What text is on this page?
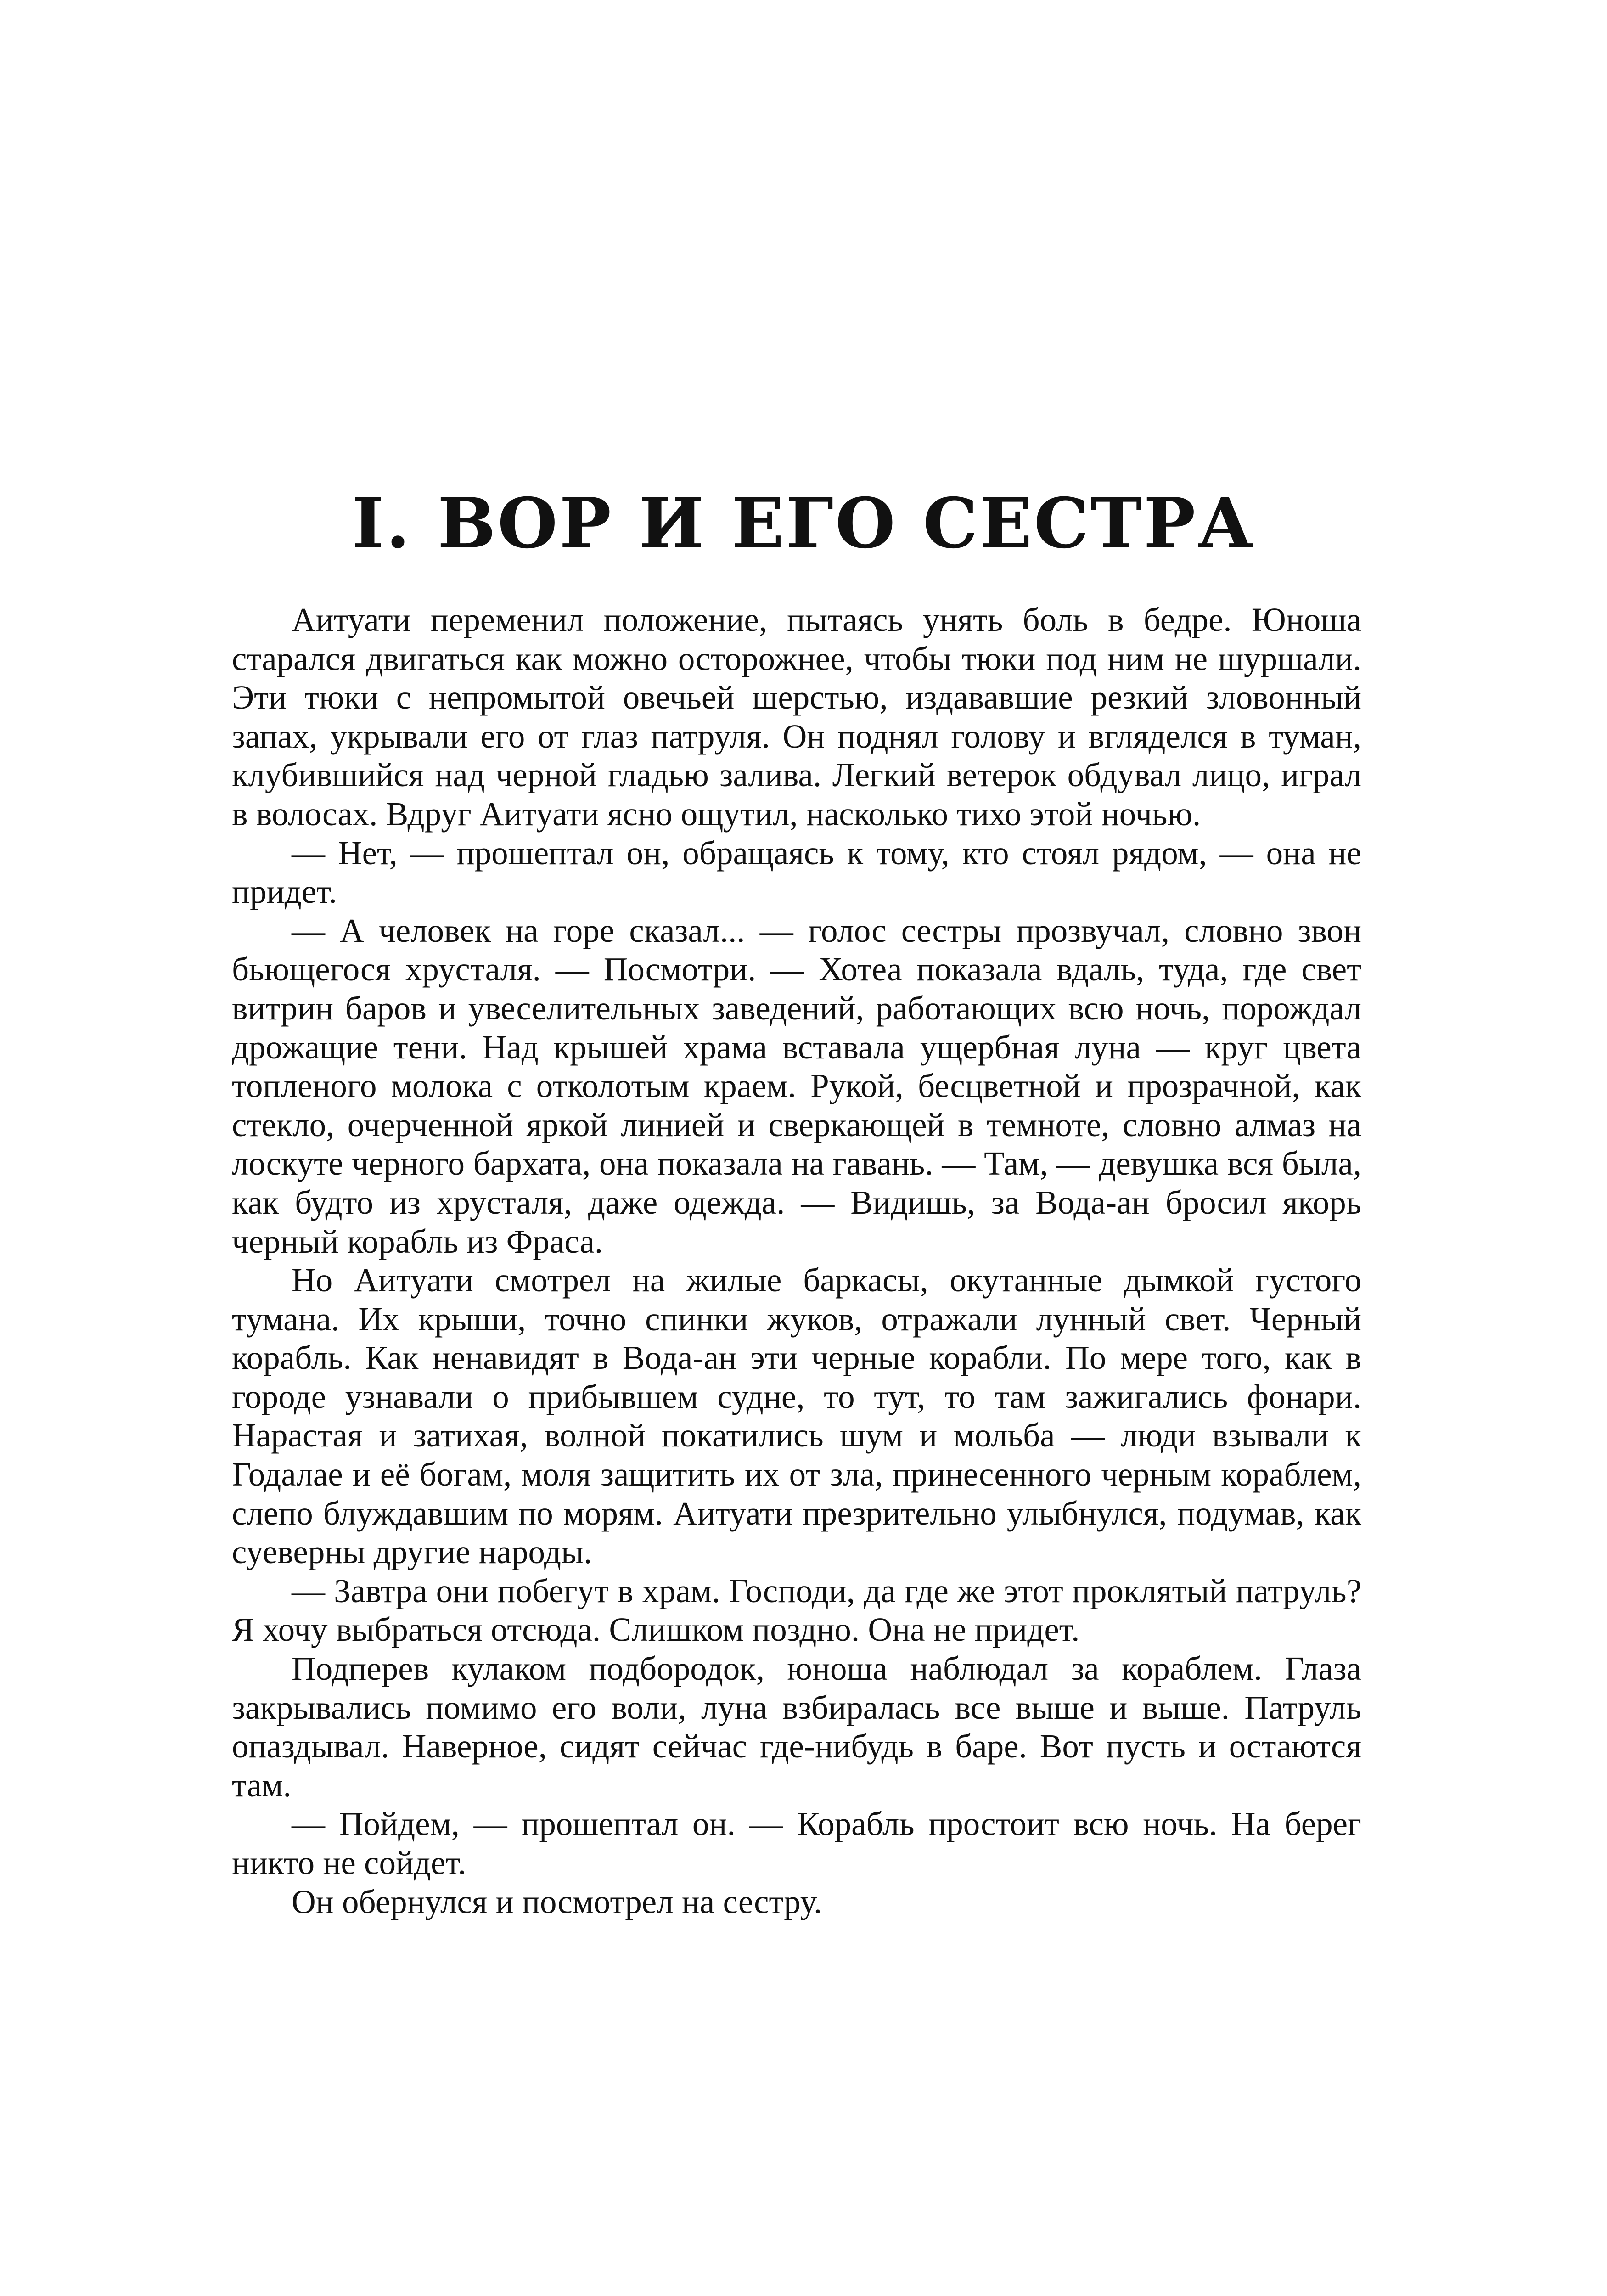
I. ВОР И ЕГО СЕСТРА

Аитуати переменил положение, пытаясь унять боль в бедре. Юноша старался двигаться как можно осторожнее, чтобы тюки под ним не шуршали. Эти тюки с непромытой овечьей шерстью, издававшие резкий зловонный запах, укрывали его от глаз патруля. Он поднял голову и вгляделся в туман, клубившийся над черной гладью залива. Легкий ветерок обдувал лицо, играл в волосах. Вдруг Аитуати ясно ощутил, насколько тихо этой ночью.

— Нет, — прошептал он, обращаясь к тому, кто стоял рядом, — она не придет.

— А человек на горе сказал... — голос сестры прозвучал, словно звон бьющегося хрусталя. — Посмотри. — Хотеа показала вдаль, туда, где свет витрин баров и увеселительных заведений, работающих всю ночь, порождал дрожащие тени. Над крышей храма вставала ущербная луна — круг цвета топленого молока с отколотым краем. Рукой, бесцветной и прозрачной, как стекло, очерченной яркой линией и сверкающей в темноте, словно алмаз на лоскуте черного бархата, она показала на гавань. — Там, — девушка вся была, как будто из хрусталя, даже одежда. — Видишь, за Вода-ан бросил якорь черный корабль из Фраса.

Но Аитуати смотрел на жилые баркасы, окутанные дымкой густого тумана. Их крыши, точно спинки жуков, отражали лунный свет. Черный корабль. Как ненавидят в Вода-ан эти черные корабли. По мере того, как в городе узнавали о прибывшем судне, то тут, то там зажигались фонари. Нарастая и затихая, волной покатились шум и мольба — люди взывали к Годалае и её богам, моля защитить их от зла, принесенного черным кораблем, слепо блуждавшим по морям. Аитуати презрительно улыбнулся, подумав, как суеверны другие народы.

— Завтра они побегут в храм. Господи, да где же этот проклятый патруль? Я хочу выбраться отсюда. Слишком поздно. Она не придет.

Подперев кулаком подбородок, юноша наблюдал за кораблем. Глаза закрывались помимо его воли, луна взбиралась все выше и выше. Патруль опаздывал. Наверное, сидят сейчас где-нибудь в баре. Вот пусть и остаются там.

— Пойдем, — прошептал он. — Корабль простоит всю ночь. На берег никто не сойдет.

Он обернулся и посмотрел на сестру.
